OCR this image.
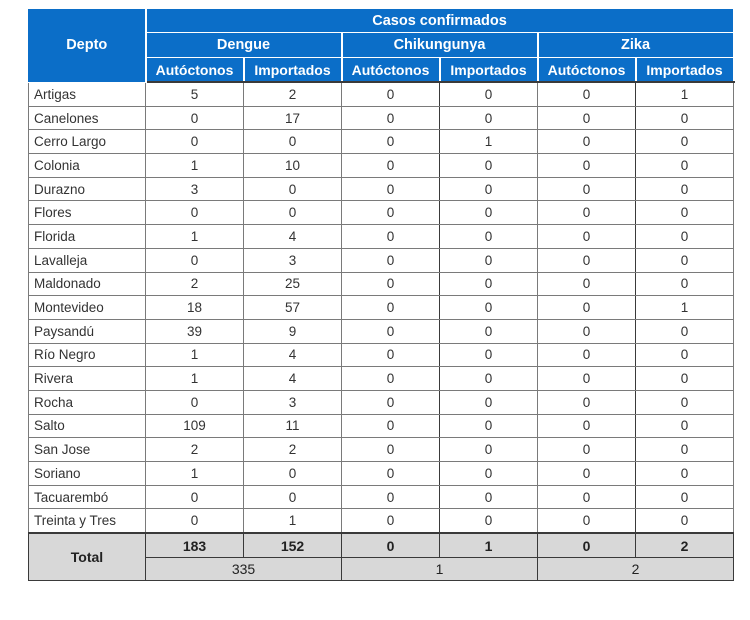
Depto	Casos confirmados					
	Dengue		Chikungunya		Zika	
	Autóctonos	Importados	Autóctonos	Importados	Autóctonos	Importados
Artigas	5	2	0	0	0	1
Canelones	0	17	0	0	0	0
Cerro Largo	0	0	0	1	0	0
Colonia	1	10	0	0	0	0
Durazno	3	0	0	0	0	0
Flores	0	0	0	0	0	0
Florida	1	4	0	0	0	0
Lavalleja	0	3	0	0	0	0
Maldonado	2	25	0	0	0	0
Montevideo	18	57	0	0	0	1
Paysandú	39	9	0	0	0	0
Río Negro	1	4	0	0	0	0
Rivera	1	4	0	0	0	0
Rocha	0	3	0	0	0	0
Salto	109	11	0	0	0	0
San Jose	2	2	0	0	0	0
Soriano	1	0	0	0	0	0
Tacuarembó	0	0	0	0	0	0
Treinta y Tres	0	1	0	0	0	0
Total	183	152	0	1	0	2
	335		1		2	
